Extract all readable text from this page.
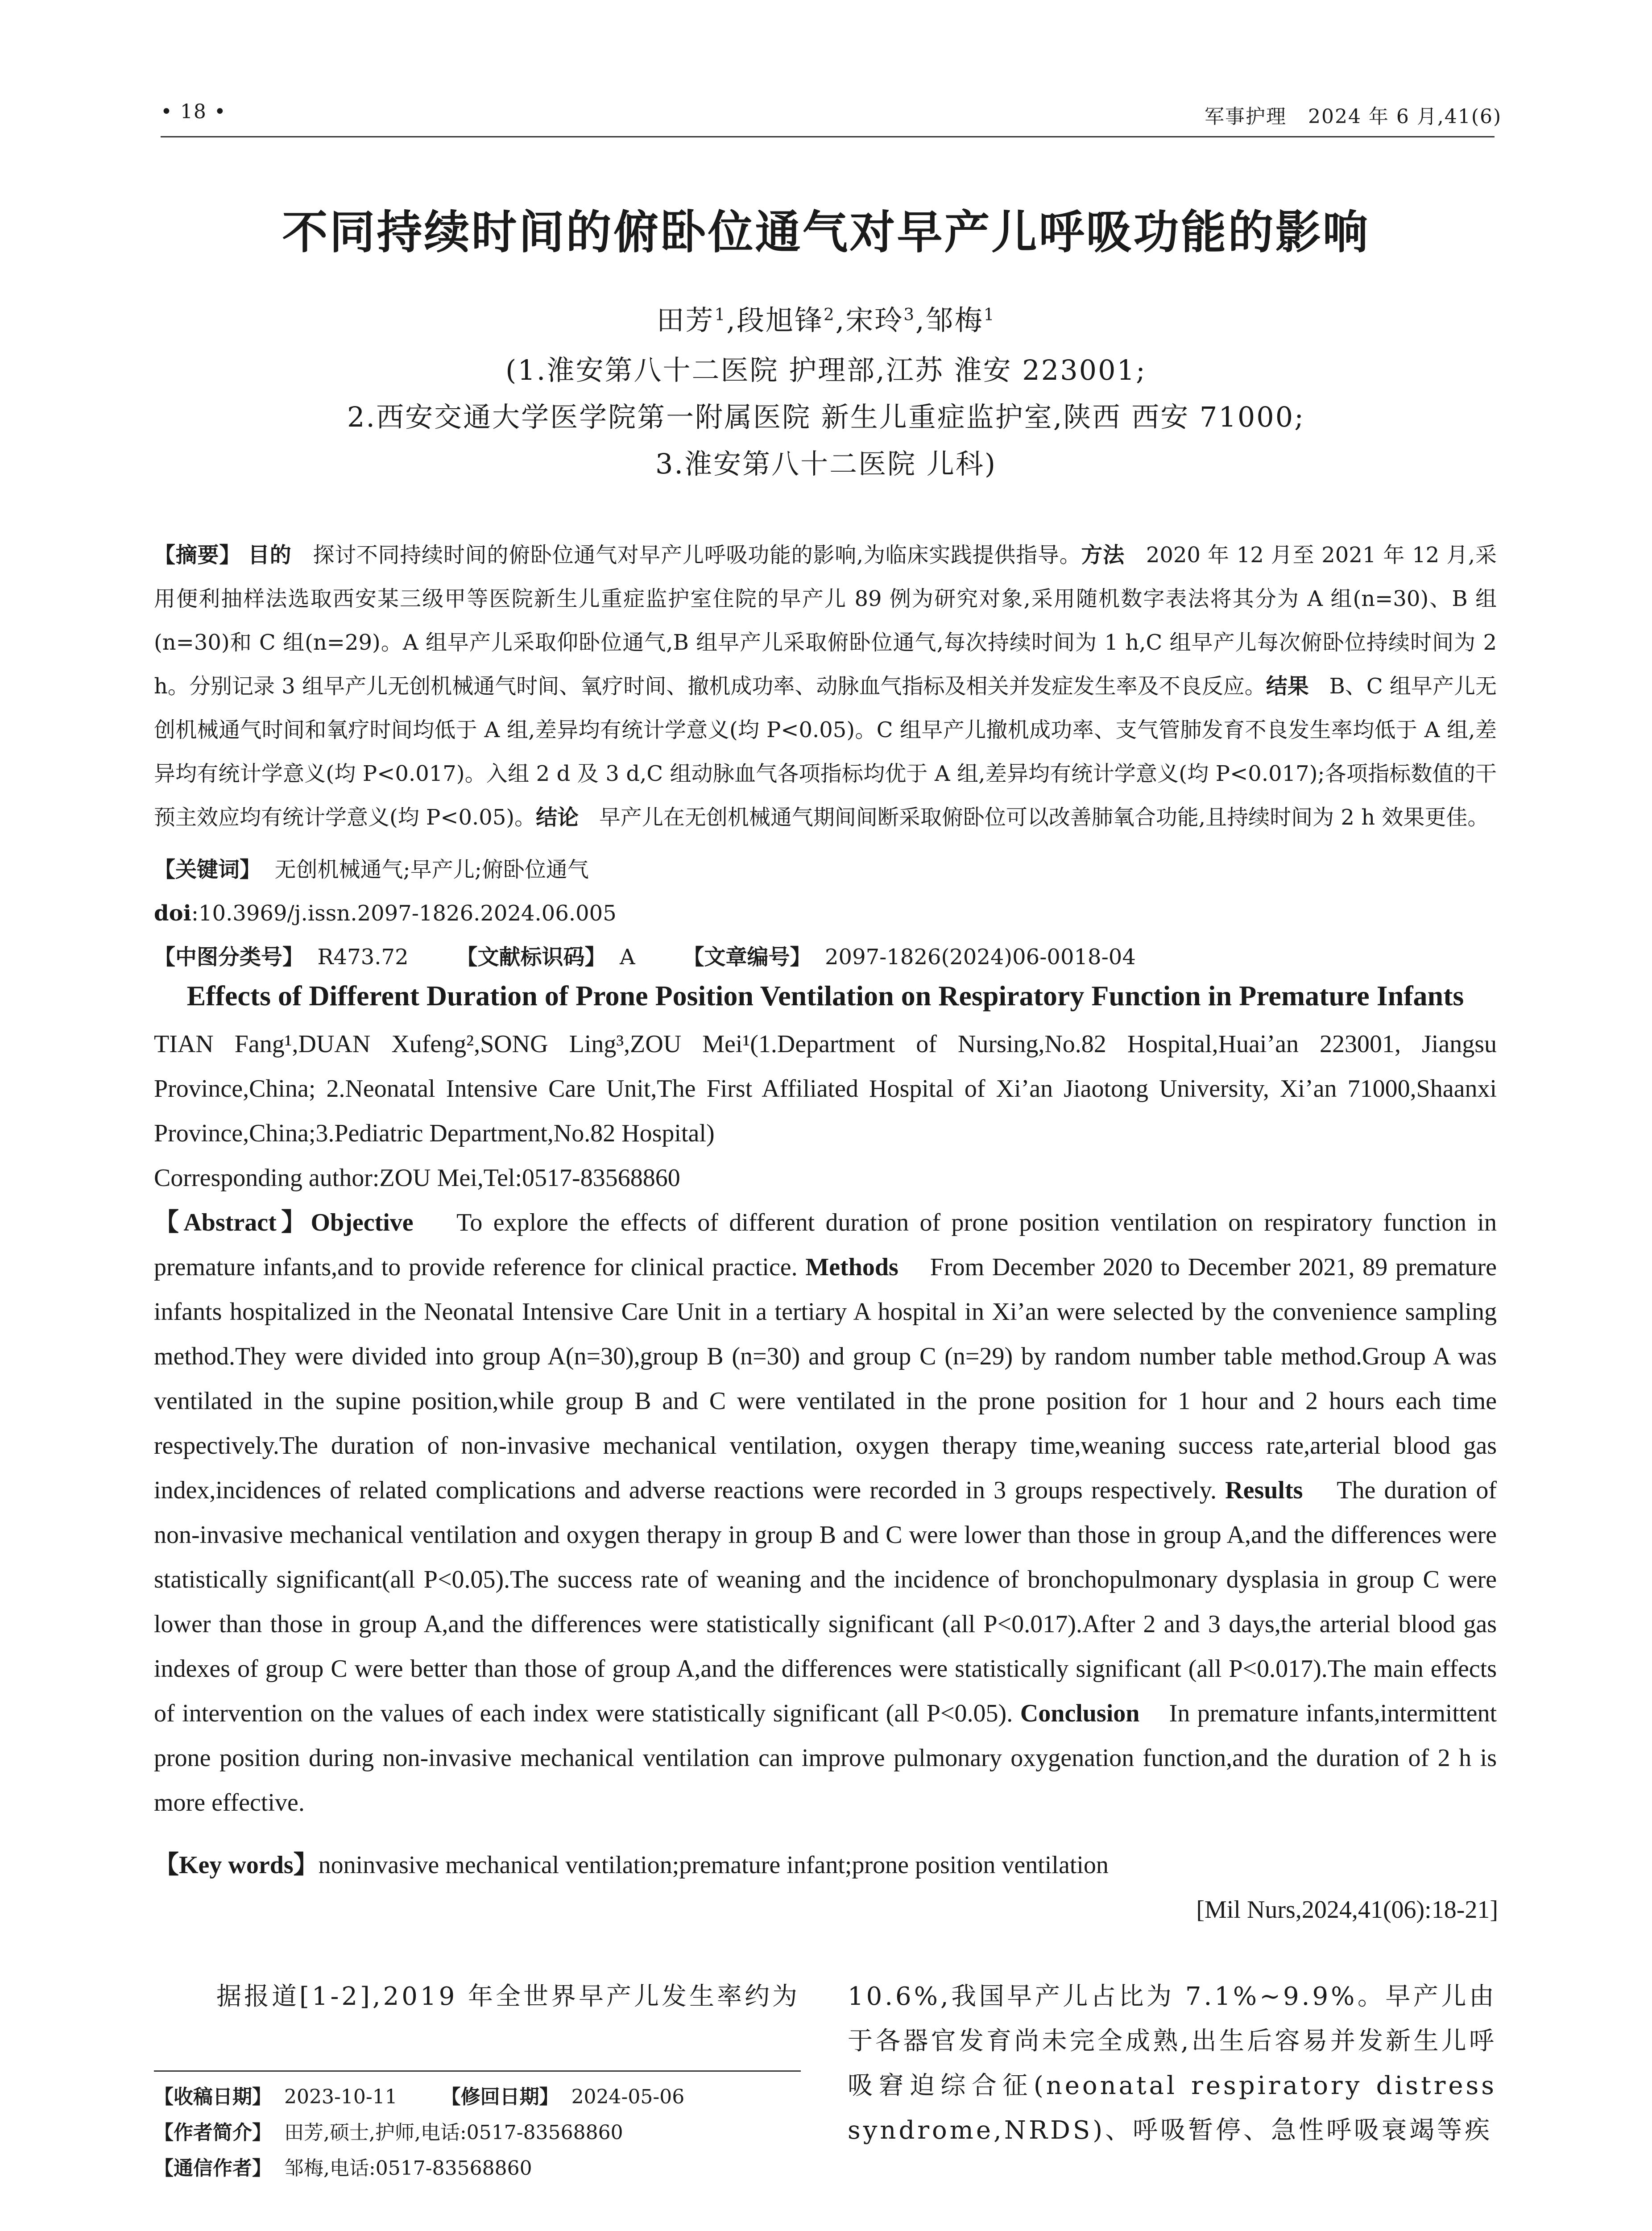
• 18 •	军事护理 2024 年 6 月,41(6)
不同持续时间的俯卧位通气对早产儿呼吸功能的影响
田芳$^1$,段旭锋$^2$,宋玲$^3$,邹梅$^1$
(1.淮安第八十二医院 护理部,江苏 淮安 223001;
2.西安交通大学医学院第一附属医院 新生儿重症监护室,陕西 西安 71000;
3.淮安第八十二医院 儿科)
【摘要】 目的 探讨不同持续时间的俯卧位通气对早产儿呼吸功能的影响,为临床实践提供指导。方法 2020 年 12 月至 2021 年 12 月,采用便利抽样法选取西安某三级甲等医院新生儿重症监护室住院的早产儿 89 例为研究对象,采用随机数字表法将其分为 A 组(n=30)、B 组(n=30)和 C 组(n=29)。A 组早产儿采取仰卧位通气,B 组早产儿采取俯卧位通气,每次持续时间为 1 h,C 组早产儿每次俯卧位持续时间为 2 h。分别记录 3 组早产儿无创机械通气时间、氧疗时间、撤机成功率、动脉血气指标及相关并发症发生率及不良反应。结果 B、C 组早产儿无创机械通气时间和氧疗时间均低于 A 组,差异均有统计学意义(均 P<0.05)。C 组早产儿撤机成功率、支气管肺发育不良发生率均低于 A 组,差异均有统计学意义(均 P<0.017)。入组 2 d 及 3 d,C 组动脉血气各项指标均优于 A 组,差异均有统计学意义(均 P<0.017);各项指标数值的干预主效应均有统计学意义(均 P<0.05)。结论 早产儿在无创机械通气期间间断采取俯卧位可以改善肺氧合功能,且持续时间为 2 h 效果更佳。
【关键词】 无创机械通气;早产儿;俯卧位通气
doi:10.3969/j.issn.2097-1826.2024.06.005
【中图分类号】 R473.72 【文献标识码】 A 【文章编号】 2097-1826(2024)06-0018-04
Effects of Different Duration of Prone Position Ventilation on Respiratory Function in Premature Infants
TIAN Fang¹,DUAN Xufeng²,SONG Ling³,ZOU Mei¹(1.Department of Nursing,No.82 Hospital,Huai’an 223001, Jiangsu Province,China; 2.Neonatal Intensive Care Unit,The First Affiliated Hospital of Xi’an Jiaotong University, Xi’an 71000,Shaanxi Province,China;3.Pediatric Department,No.82 Hospital)
Corresponding author:ZOU Mei,Tel:0517-83568860
【Abstract】Objective To explore the effects of different duration of prone position ventilation on respiratory function in premature infants,and to provide reference for clinical practice. Methods From December 2020 to December 2021, 89 premature infants hospitalized in the Neonatal Intensive Care Unit in a tertiary A hospital in Xi’an were selected by the convenience sampling method.They were divided into group A(n=30),group B (n=30) and group C (n=29) by random number table method.Group A was ventilated in the supine position,while group B and C were ventilated in the prone position for 1 hour and 2 hours each time respectively.The duration of non-invasive mechanical ventilation, oxygen therapy time,weaning success rate,arterial blood gas index,incidences of related complications and adverse reactions were recorded in 3 groups respectively. Results The duration of non-invasive mechanical ventilation and oxygen therapy in group B and C were lower than those in group A,and the differences were statistically significant(all P<0.05).The success rate of weaning and the incidence of bronchopulmonary dysplasia in group C were lower than those in group A,and the differences were statistically significant (all P<0.017).After 2 and 3 days,the arterial blood gas indexes of group C were better than those of group A,and the differences were statistically significant (all P<0.017).The main effects of intervention on the values of each index were statistically significant (all P<0.05). Conclusion In premature infants,intermittent prone position during non-invasive mechanical ventilation can improve pulmonary oxygenation function,and the duration of 2 h is more effective.
【Key words】noninvasive mechanical ventilation;premature infant;prone position ventilation
[Mil Nurs,2024,41(06):18-21]
据报道[1-2],2019 年全世界早产儿发生率约为 10.6%,我国早产儿占比为 7.1%~9.9%。早产儿由于各器官发育尚未完全成熟,出生后容易并发新生儿呼吸窘迫综合征(neonatal respiratory distress syndrome,NRDS)、呼吸暂停、急性呼吸衰竭等疾
【收稿日期】 2023-10-11 【修回日期】 2024-05-06
【作者简介】 田芳,硕士,护师,电话:0517-83568860
【通信作者】 邹梅,电话:0517-83568860
